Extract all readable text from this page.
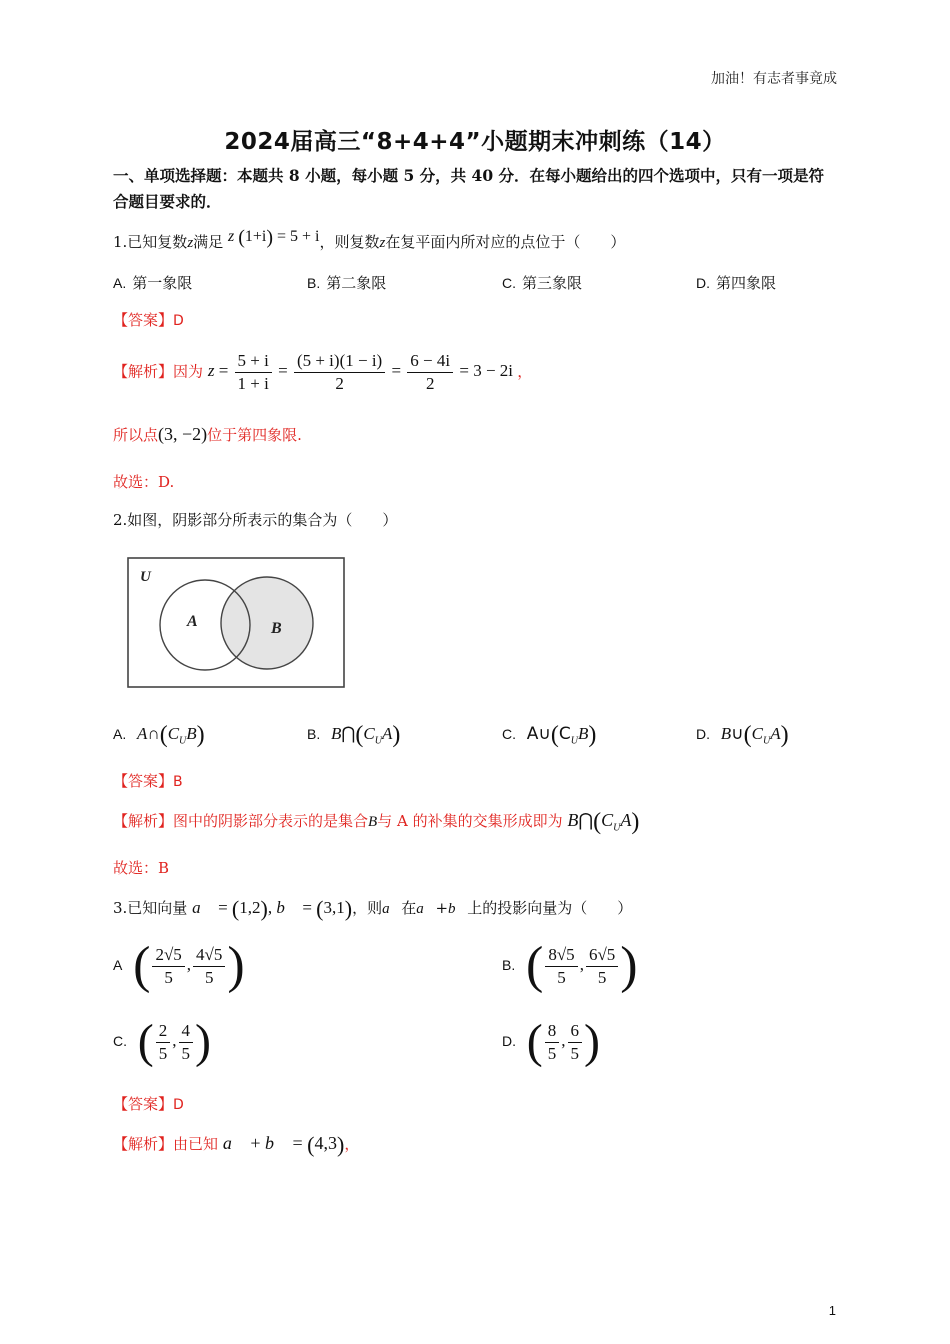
加油！有志者事竟成
2024届高三“8+4+4”小题期末冲刺练（14）
一、单项选择题：本题共 8 小题，每小题 5 分，共 40 分．在每小题给出的四个选项中，只有一项是符合题目要求的．
1.已知复数z满足 z (1+i) = 5 + i，则复数z在复平面内所对应的点位于（　　）
A. 第一象限	B. 第二象限	C. 第三象限	D. 第四象限
【答案】D
【解析】因为 $z = \frac{5 + i}{1 + i} = \frac{(5 + i)(1 - i)}{2} = \frac{6 - 4i}{2} = 3 - 2i$ ，
所以点(3, −2)位于第四象限.
故选：D.
2.如图，阴影部分所表示的集合为（　　）
U
A	B
A. $A\cap(C_UB)$	B. $B⋂(C_UA)$	C. $A\cup(C_UB)$	D. $B\cup(C_UA)$
【答案】B
【解析】图中的阴影部分表示的是集合B与 A 的补集的交集形成即为 $B⋂(C_UA)$
故选：B
3.已知向量 a⃗ = (1,2), b⃗ = (3,1)，则a⃗在a⃗+b⃗上的投影向量为（　　）
A ( $\frac{2√5}{5}$ , $\frac{4√5}{5}$ )	B. ( $\frac{8√5}{5}$ , $\frac{6√5}{5}$ )
C. ( $\frac{2}{5}$ , $\frac{4}{5}$ )	D. ( $\frac{8}{5}$ , $\frac{6}{5}$ )
【答案】D
【解析】由已知 a⃗ + b⃗ = (4,3)，
1
